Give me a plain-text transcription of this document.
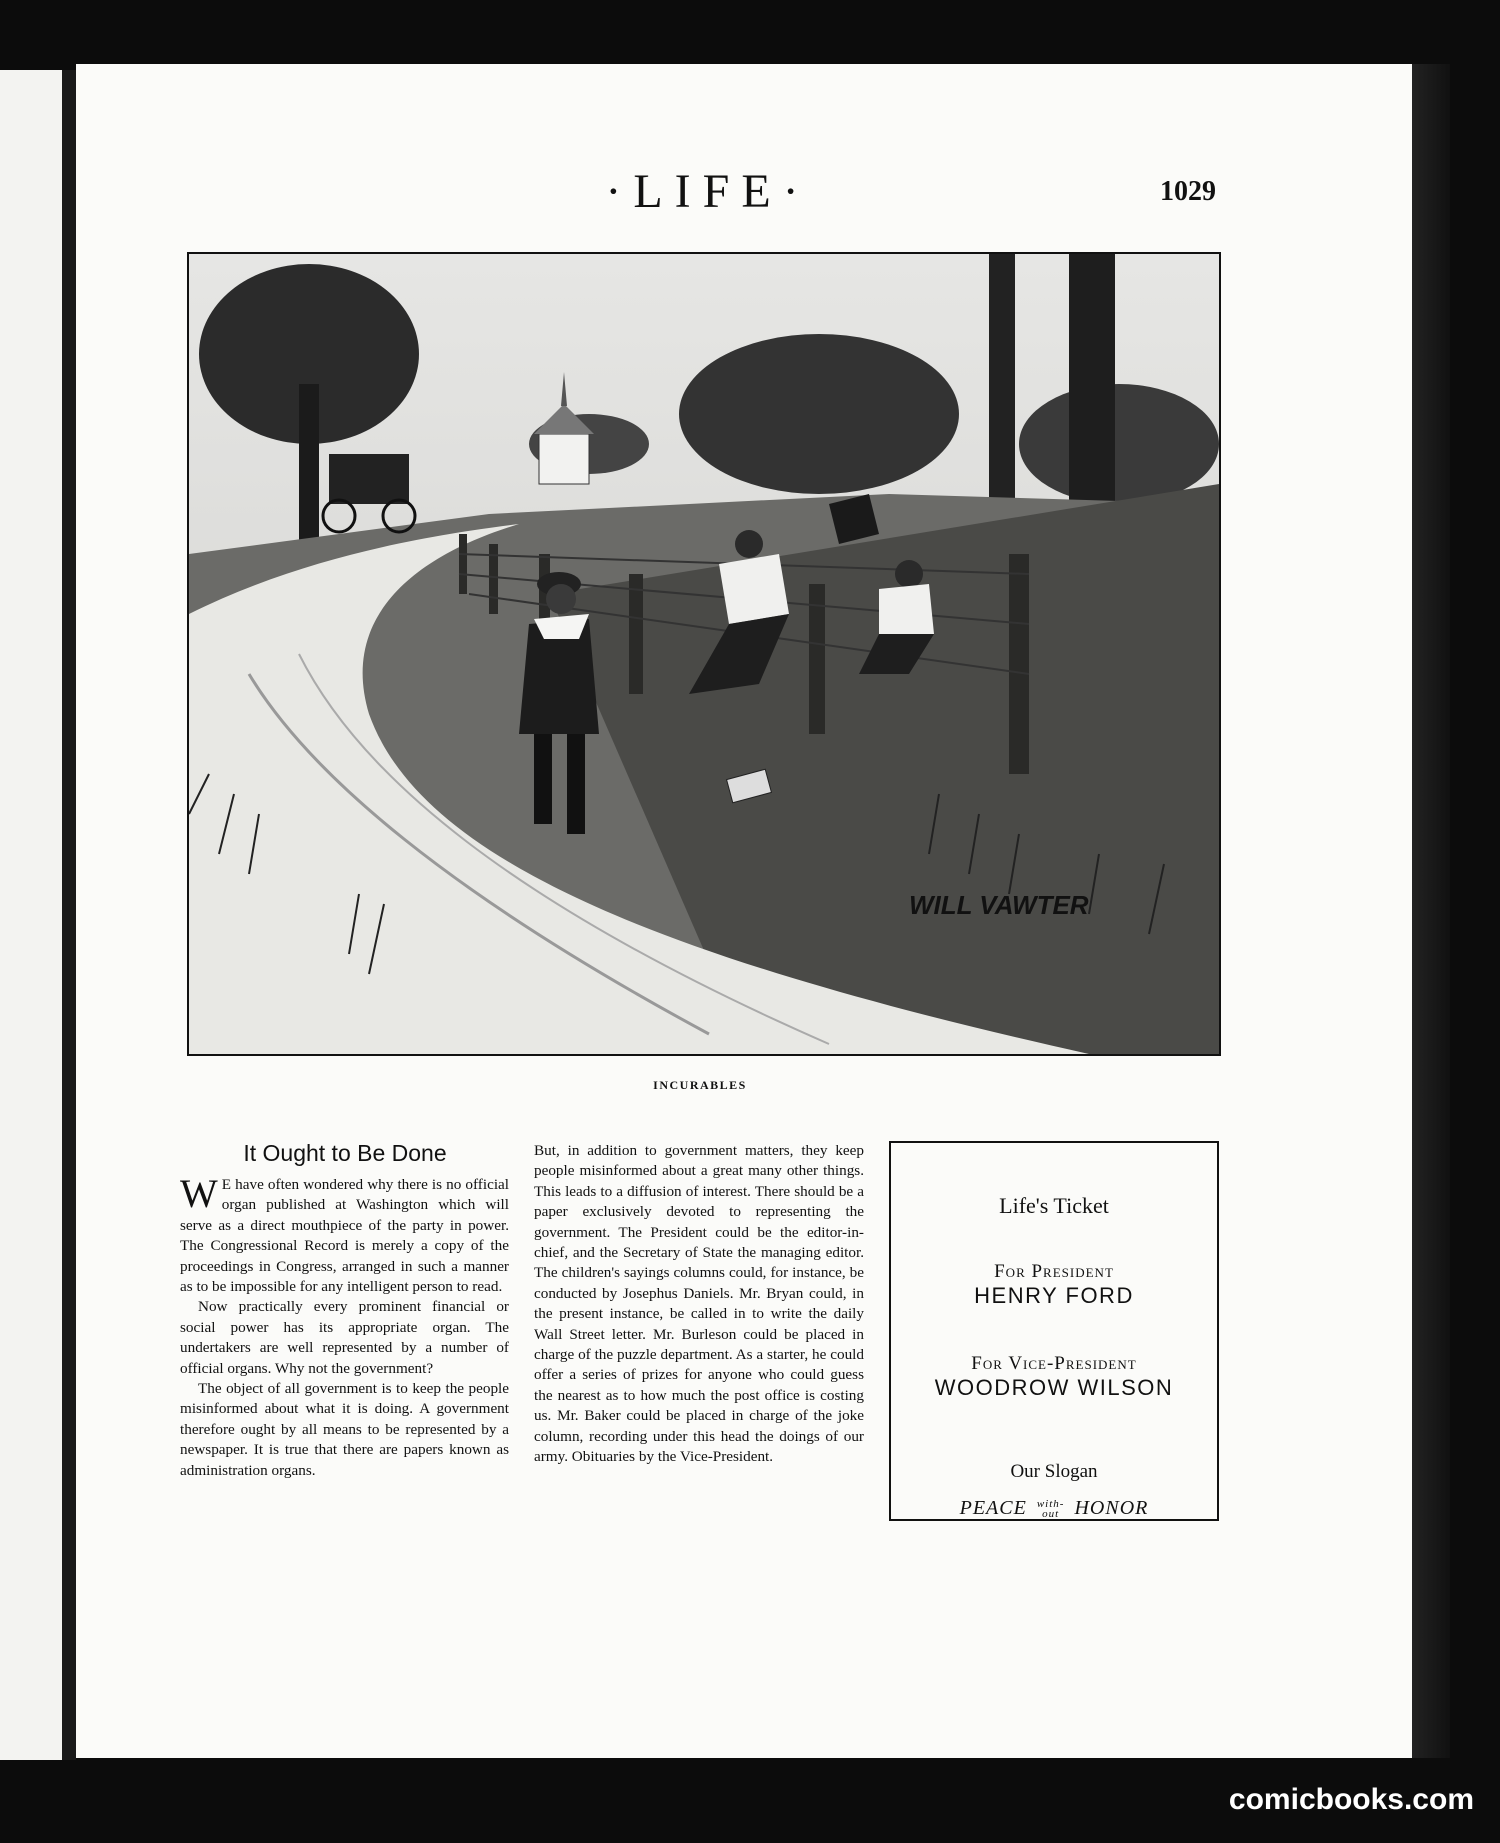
·LIFE·	1029
WILL VAWTER
INCURABLES
It Ought to Be Done

W E have often wondered why there is no official organ published at Washington which will serve as a direct mouthpiece of the party in power. The Congressional Record is merely a copy of the proceedings in Congress, arranged in such a manner as to be impossible for any intelligent person to read.

Now practically every prominent financial or social power has its appropriate organ. The undertakers are well represented by a number of official organs. Why not the government?

The object of all government is to keep the people misinformed about what it is doing. A government therefore ought by all means to be represented by a newspaper. It is true that there are papers known as administration organs.

But, in addition to government matters, they keep people misinformed about a great many other things. This leads to a diffusion of interest. There should be a paper exclusively devoted to representing the government. The President could be the editor-in-chief, and the Secretary of State the managing editor. The children's sayings columns could, for instance, be conducted by Josephus Daniels. Mr. Bryan could, in the present instance, be called in to write the daily Wall Street letter. Mr. Burleson could be placed in charge of the puzzle department. As a starter, he could offer a series of prizes for anyone who could guess the nearest as to how much the post office is costing us. Mr. Baker could be placed in charge of the joke column, recording under this head the doings of our army. Obituaries by the Vice-President.

Life's Ticket
For President
HENRY FORD
For Vice-President
WOODROW WILSON
Our Slogan
PEACE with-
out HONOR
comicbooks.com
